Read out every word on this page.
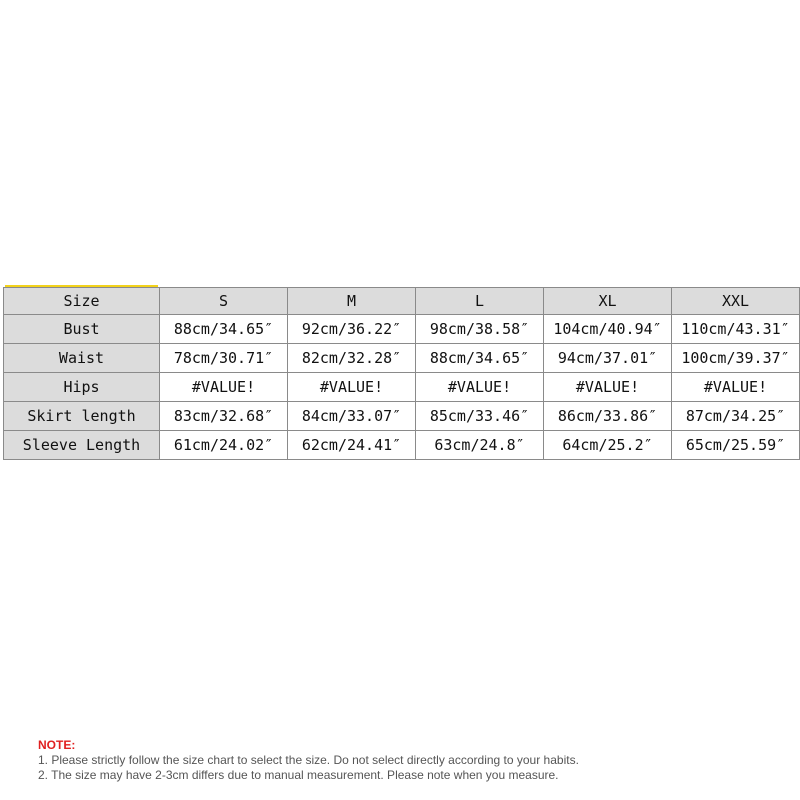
Size	S	M	L	XL	XXL
Bust	88cm/34.65″	92cm/36.22″	98cm/38.58″	104cm/40.94″	110cm/43.31″
Waist	78cm/30.71″	82cm/32.28″	88cm/34.65″	94cm/37.01″	100cm/39.37″
Hips	#VALUE!	#VALUE!	#VALUE!	#VALUE!	#VALUE!
Skirt length	83cm/32.68″	84cm/33.07″	85cm/33.46″	86cm/33.86″	87cm/34.25″
Sleeve Length	61cm/24.02″	62cm/24.41″	63cm/24.8″	64cm/25.2″	65cm/25.59″
NOTE:
1. Please strictly follow the size chart to select the size. Do not select directly according to your habits.
2. The size may have 2-3cm differs due to manual measurement. Please note when you measure.
